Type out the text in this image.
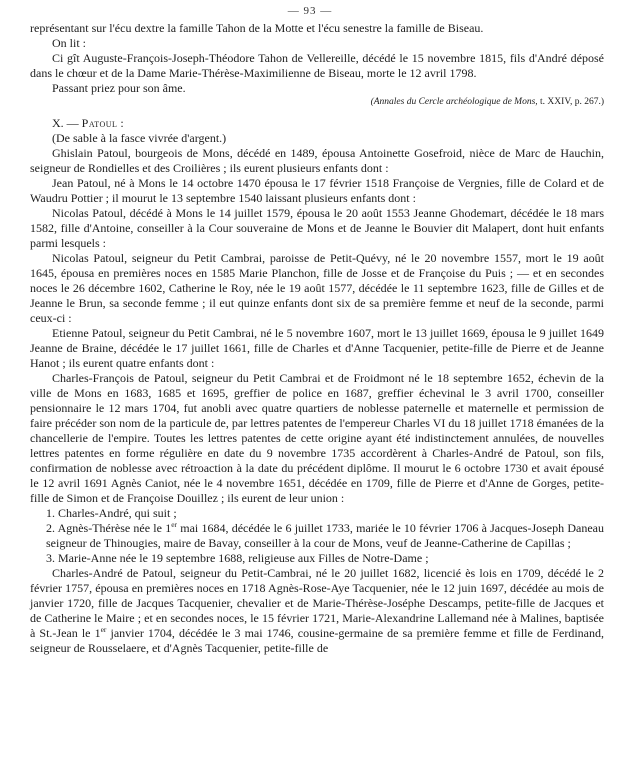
— 93 —

représentant sur l'écu dextre la famille Tahon de la Motte et l'écu senestre la famille de Biseau.

On lit :

Ci gît Auguste-François-Joseph-Théodore Tahon de Vellereille, décédé le 15 novembre 1815, fils d'André déposé dans le chœur et de la Dame Marie-Thérèse-Maximilienne de Biseau, morte le 12 avril 1798.

Passant priez pour son âme.

(Annales du Cercle archéologique de Mons, t. XXIV, p. 267.)

X. — Patoul :

(De sable à la fasce vivrée d'argent.)

Ghislain Patoul, bourgeois de Mons, décédé en 1489, épousa Antoinette Gosefroid, nièce de Marc de Hauchin, seigneur de Rondielles et des Croilières ; ils eurent plusieurs enfants dont :

Jean Patoul, né à Mons le 14 octobre 1470 épousa le 17 février 1518 Françoise de Vergnies, fille de Colard et de Waudru Pottier ; il mourut le 13 septembre 1540 laissant plusieurs enfants dont :

Nicolas Patoul, décédé à Mons le 14 juillet 1579, épousa le 20 août 1553 Jeanne Ghodemart, décédée le 18 mars 1582, fille d'Antoine, conseiller à la Cour souveraine de Mons et de Jeanne le Bouvier dit Malapert, dont huit enfants parmi lesquels :

Nicolas Patoul, seigneur du Petit Cambrai, paroisse de Petit-Quévy, né le 20 novembre 1557, mort le 19 août 1645, épousa en premières noces en 1585 Marie Planchon, fille de Josse et de Françoise du Puis ; — et en secondes noces le 26 décembre 1602, Catherine le Roy, née le 19 août 1577, décédée le 11 septembre 1623, fille de Gilles et de Jeanne le Brun, sa seconde femme ; il eut quinze enfants dont six de sa première femme et neuf de la seconde, parmi ceux-ci :

Etienne Patoul, seigneur du Petit Cambrai, né le 5 novembre 1607, mort le 13 juillet 1669, épousa le 9 juillet 1649 Jeanne de Braine, décédée le 17 juillet 1661, fille de Charles et d'Anne Tacquenier, petite-fille de Pierre et de Jeanne Hanot ; ils eurent quatre enfants dont :

Charles-François de Patoul, seigneur du Petit Cambrai et de Froidmont né le 18 septembre 1652, échevin de la ville de Mons en 1683, 1685 et 1695, greffier de police en 1687, greffier échevinal le 3 avril 1700, conseiller pensionnaire le 12 mars 1704, fut anobli avec quatre quartiers de noblesse paternelle et maternelle et permission de faire précéder son nom de la particule de, par lettres patentes de l'empereur Charles VI du 18 juillet 1718 émanées de la chancellerie de l'empire. Toutes les lettres patentes de cette origine ayant été indistinctement annulées, de nouvelles lettres patentes en forme régulière en date du 9 novembre 1735 accordèrent à Charles-André de Patoul, son fils, confirmation de noblesse avec rétroaction à la date du précédent diplôme. Il mourut le 6 octobre 1730 et avait épousé le 12 avril 1691 Agnès Caniot, née le 4 novembre 1651, décédée en 1709, fille de Pierre et d'Anne de Gorges, petite-fille de Simon et de Françoise Douillez ; ils eurent de leur union :

1. Charles-André, qui suit ;

2. Agnès-Thérèse née le 1er mai 1684, décédée le 6 juillet 1733, mariée le 10 février 1706 à Jacques-Joseph Daneau seigneur de Thinougies, maire de Bavay, conseiller à la cour de Mons, veuf de Jeanne-Catherine de Capillas ;

3. Marie-Anne née le 19 septembre 1688, religieuse aux Filles de Notre-Dame ;

Charles-André de Patoul, seigneur du Petit-Cambrai, né le 20 juillet 1682, licencié ès lois en 1709, décédé le 2 février 1757, épousa en premières noces en 1718 Agnès-Rose-Aye Tacquenier, née le 12 juin 1697, décédée au mois de janvier 1720, fille de Jacques Tacquenier, chevalier et de Marie-Thérèse-Joséphe Descamps, petite-fille de Jacques et de Catherine le Maire ; et en secondes noces, le 15 février 1721, Marie-Alexandrine Lallemand née à Malines, baptisée à St.-Jean le 1er janvier 1704, décédée le 3 mai 1746, cousine-germaine de sa première femme et fille de Ferdinand, seigneur de Rousselaere, et d'Agnès Tacquenier, petite-fille de
